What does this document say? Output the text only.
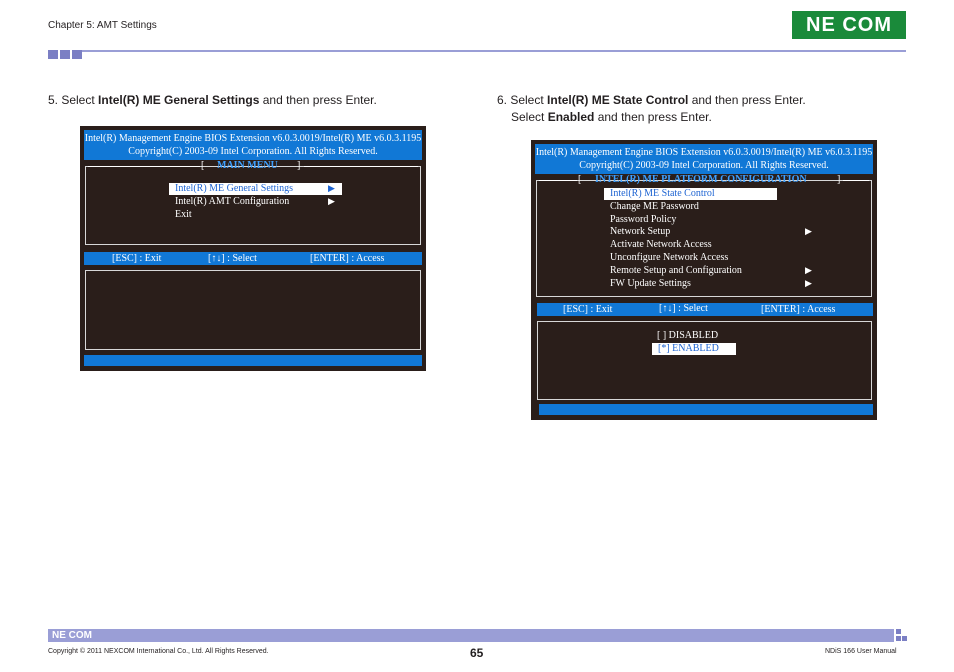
Chapter 5: AMT Settings	NE COM
5. Select Intel(R) ME General Settings and then press Enter.	6. Select Intel(R) ME State Control and then press Enter.
Select Enabled and then press Enter.
Intel(R) Management Engine BIOS Extension v6.0.3.0019/Intel(R) ME v6.0.3.1195
Copyright(C) 2003-09 Intel Corporation. All Rights Reserved.
[ MAIN MENU ]
Intel(R) ME General Settings	▶
Intel(R) AMT Configuration	▶
Exit
[ESC] : Exit	[↑↓] : Select	[ENTER] : Access
Intel(R) Management Engine BIOS Extension v6.0.3.0019/Intel(R) ME v6.0.3.1195
Copyright(C) 2003-09 Intel Corporation. All Rights Reserved.
[ INTEL(R) ME PLATFORM CONFIGURATION	]
Intel(R) ME State Control
Change ME Password
Password Policy
Network Setup	▶
Activate Network Access
Unconfigure Network Access
Remote Setup and Configuration	▶
FW Update Settings	▶
[ESC] : Exit	[↑↓] : Select	[ENTER] : Access
[ ] DISABLED
[*] ENABLED
NE COM
Copyright © 2011 NEXCOM International Co., Ltd. All Rights Reserved.	65	NDiS 166 User Manual
